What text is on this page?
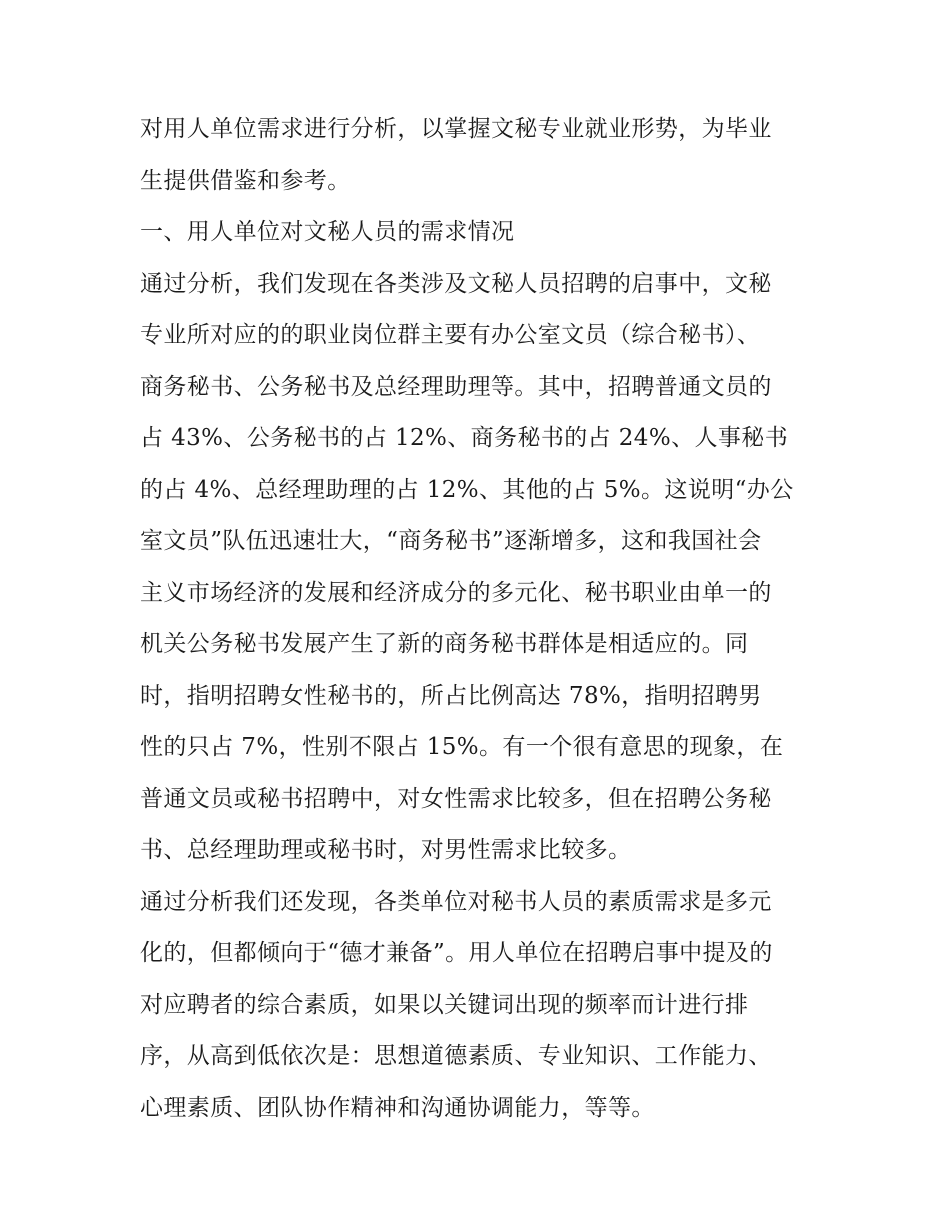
对用人单位需求进行分析，以掌握文秘专业就业形势，为毕业
生提供借鉴和参考。
一、用人单位对文秘人员的需求情况
通过分析，我们发现在各类涉及文秘人员招聘的启事中，文秘
专业所对应的的职业岗位群主要有办公室文员（综合秘书）、
商务秘书、公务秘书及总经理助理等。其中，招聘普通文员的
占 43%、公务秘书的占 12%、商务秘书的占 24%、人事秘书
的占 4%、总经理助理的占 12%、其他的占 5%。这说明“办公
室文员”队伍迅速壮大，“商务秘书”逐渐增多，这和我国社会
主义市场经济的发展和经济成分的多元化、秘书职业由单一的
机关公务秘书发展产生了新的商务秘书群体是相适应的。同
时，指明招聘女性秘书的，所占比例高达 78%，指明招聘男
性的只占 7%，性别不限占 15%。有一个很有意思的现象，在
普通文员或秘书招聘中，对女性需求比较多，但在招聘公务秘
书、总经理助理或秘书时，对男性需求比较多。
通过分析我们还发现，各类单位对秘书人员的素质需求是多元
化的，但都倾向于“德才兼备”。用人单位在招聘启事中提及的
对应聘者的综合素质，如果以关键词出现的频率而计进行排
序，从高到低依次是：思想道德素质、专业知识、工作能力、
心理素质、团队协作精神和沟通协调能力，等等。
